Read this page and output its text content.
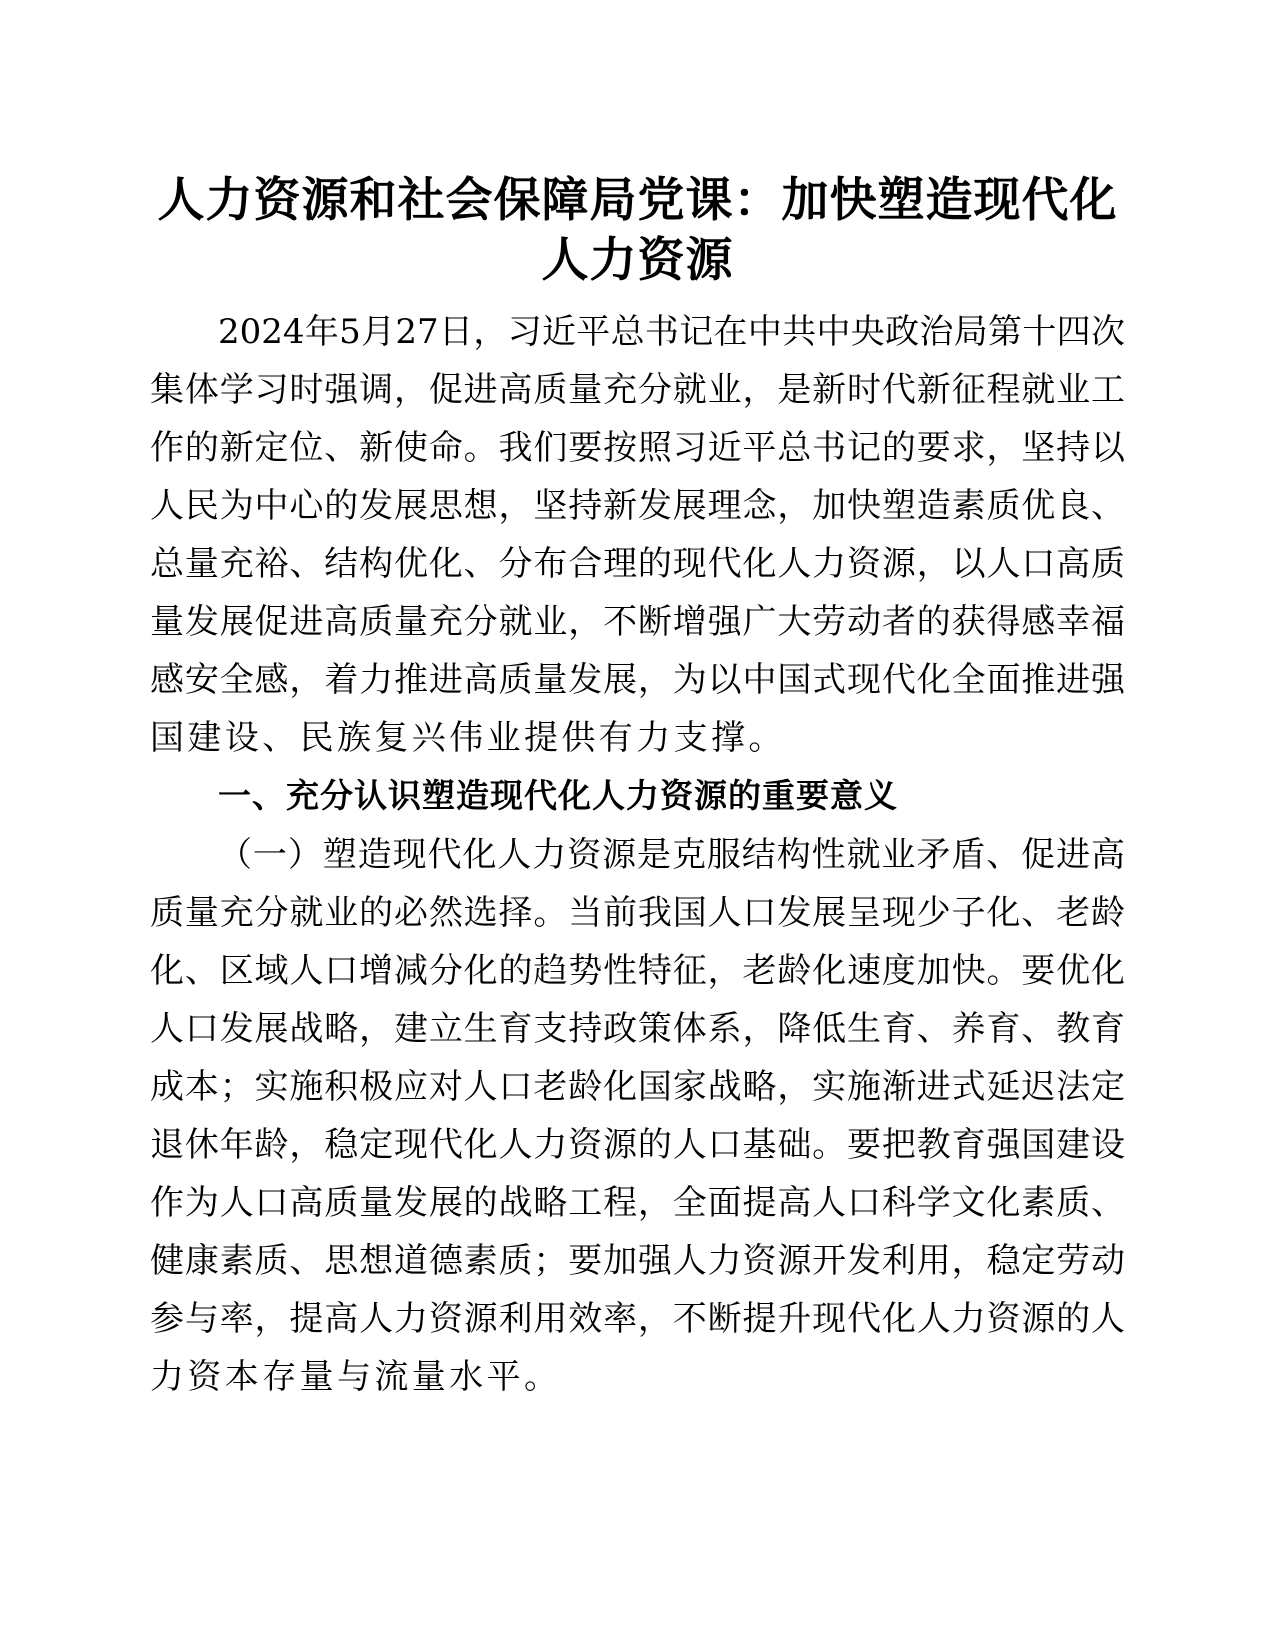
人力资源和社会保障局党课：加快塑造现代化
人力资源
2024年5月27日，习近平总书记在中共中央政治局第十四次
集体学习时强调，促进高质量充分就业，是新时代新征程就业工
作的新定位、新使命。我们要按照习近平总书记的要求，坚持以
人民为中心的发展思想，坚持新发展理念，加快塑造素质优良、
总量充裕、结构优化、分布合理的现代化人力资源，以人口高质
量发展促进高质量充分就业，不断增强广大劳动者的获得感幸福
感安全感，着力推进高质量发展，为以中国式现代化全面推进强
国建设、民族复兴伟业提供有力支撑。
一、充分认识塑造现代化人力资源的重要意义
（一）塑造现代化人力资源是克服结构性就业矛盾、促进高
质量充分就业的必然选择。当前我国人口发展呈现少子化、老龄
化、区域人口增减分化的趋势性特征，老龄化速度加快。要优化
人口发展战略，建立生育支持政策体系，降低生育、养育、教育
成本；实施积极应对人口老龄化国家战略，实施渐进式延迟法定
退休年龄，稳定现代化人力资源的人口基础。要把教育强国建设
作为人口高质量发展的战略工程，全面提高人口科学文化素质、
健康素质、思想道德素质；要加强人力资源开发利用，稳定劳动
参与率，提高人力资源利用效率，不断提升现代化人力资源的人
力资本存量与流量水平。
